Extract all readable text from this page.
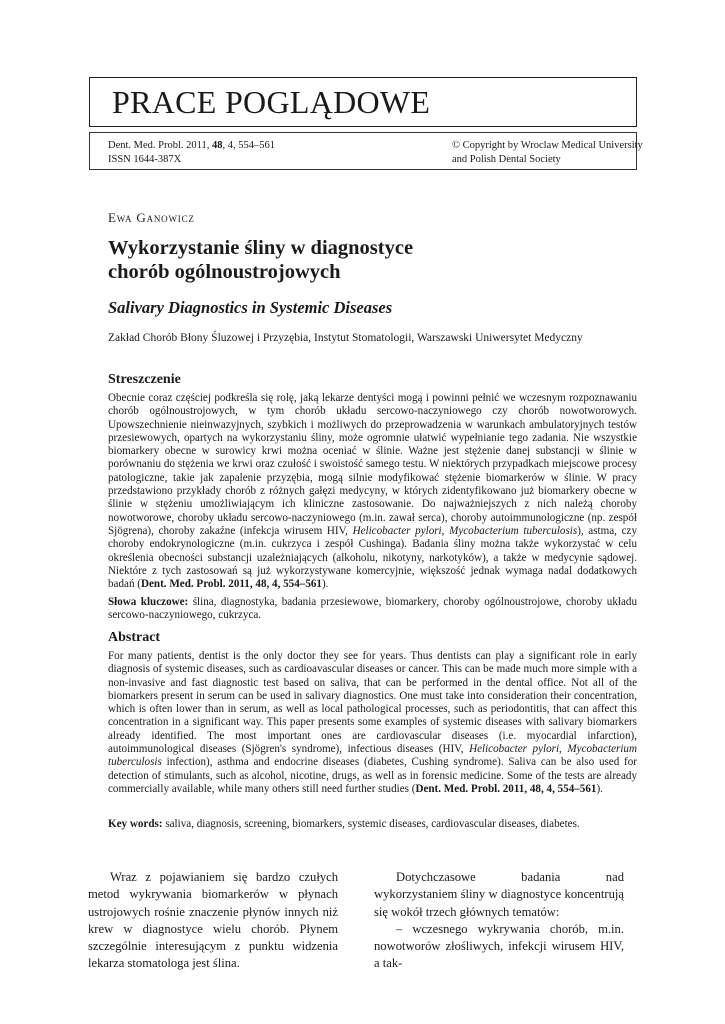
PRACE POGLĄDOWE
Dent. Med. Probl. 2011, 48, 4, 554–561
ISSN 1644-387X
© Copyright by Wroclaw Medical University
and Polish Dental Society
Ewa Ganowicz
Wykorzystanie śliny w diagnostyce
chorób ogólnoustrojowych
Salivary Diagnostics in Systemic Diseases
Zakład Chorób Błony Śluzowej i Przyzębia, Instytut Stomatologii, Warszawski Uniwersytet Medyczny
Streszczenie
Obecnie coraz częściej podkreśla się rolę, jaką lekarze dentyści mogą i powinni pełnić we wczesnym rozpoznawaniu chorób ogólnoustrojowych, w tym chorób układu sercowo-naczyniowego czy chorób nowotworowych. Upowszechnienie nieinwazyjnych, szybkich i możliwych do przeprowadzenia w warunkach ambulatoryjnych testów przesiewowych, opartych na wykorzystaniu śliny, może ogromnie ułatwić wypełnianie tego zadania. Nie wszystkie biomarkery obecne w surowicy krwi można oceniać w ślinie. Ważne jest stężenie danej substancji w ślinie w porównaniu do stężenia we krwi oraz czułość i swoistość samego testu. W niektórych przypadkach miejscowe procesy patologiczne, takie jak zapalenie przyzębia, mogą silnie modyfikować stężenie biomarkerów w ślinie. W pracy przedstawiono przykłady chorób z różnych gałęzi medycyny, w których zidentyfikowano już biomarkery obecne w ślinie w stężeniu umożliwiającym ich kliniczne zastosowanie. Do najważniejszych z nich należą choroby nowotworowe, choroby układu sercowo-naczyniowego (m.in. zawał serca), choroby autoimmunologiczne (np. zespół Sjögrena), choroby zakaźne (infekcja wirusem HIV, Helicobacter pylori, Mycobacterium tuberculosis), astma, czy choroby endokrynologiczne (m.in. cukrzyca i zespół Cushinga). Badania śliny można także wykorzystać w celu określenia obecności substancji uzależniających (alkoholu, nikotyny, narkotyków), a także w medycynie sądowej. Niektóre z tych zastosowań są już wykorzystywane komercyjnie, większość jednak wymaga nadal dodatkowych badań (Dent. Med. Probl. 2011, 48, 4, 554–561).
Słowa kluczowe: ślina, diagnostyka, badania przesiewowe, biomarkery, choroby ogólnoustrojowe, choroby układu sercowo-naczyniowego, cukrzyca.
Abstract
For many patients, dentist is the only doctor they see for years. Thus dentists can play a significant role in early diagnosis of systemic diseases, such as cardioavascular diseases or cancer. This can be made much more simple with a non-invasive and fast diagnostic test based on saliva, that can be performed in the dental office. Not all of the biomarkers present in serum can be used in salivary diagnostics. One must take into consideration their concentration, which is often lower than in serum, as well as local pathological processes, such as periodontitis, that can affect this concentration in a significant way. This paper presents some examples of systemic diseases with salivary biomarkers already identified. The most important ones are cardiovascular diseases (i.e. myocardial infarction), autoimmunological diseases (Sjögren's syndrome), infectious diseases (HIV, Helicobacter pylori, Mycobacterium tuberculosis infection), asthma and endocrine diseases (diabetes, Cushing syndrome). Saliva can be also used for detection of stimulants, such as alcohol, nicotine, drugs, as well as in forensic medicine. Some of the tests are already commercially available, while many others still need further studies (Dent. Med. Probl. 2011, 48, 4, 554–561).
Key words: saliva, diagnosis, screening, biomarkers, systemic diseases, cardiovascular diseases, diabetes.

Wraz z pojawianiem się bardzo czułych metod wykrywania biomarkerów w płynach ustrojowych rośnie znaczenie płynów innych niż krew w diagnostyce wielu chorób. Płynem szczególnie interesującym z punktu widzenia lekarza stomatologa jest ślina.

Dotychczasowe badania nad wykorzystaniem śliny w diagnostyce koncentrują się wokół trzech głównych tematów:

– wczesnego wykrywania chorób, m.in. nowotworów złośliwych, infekcji wirusem HIV, a tak-
